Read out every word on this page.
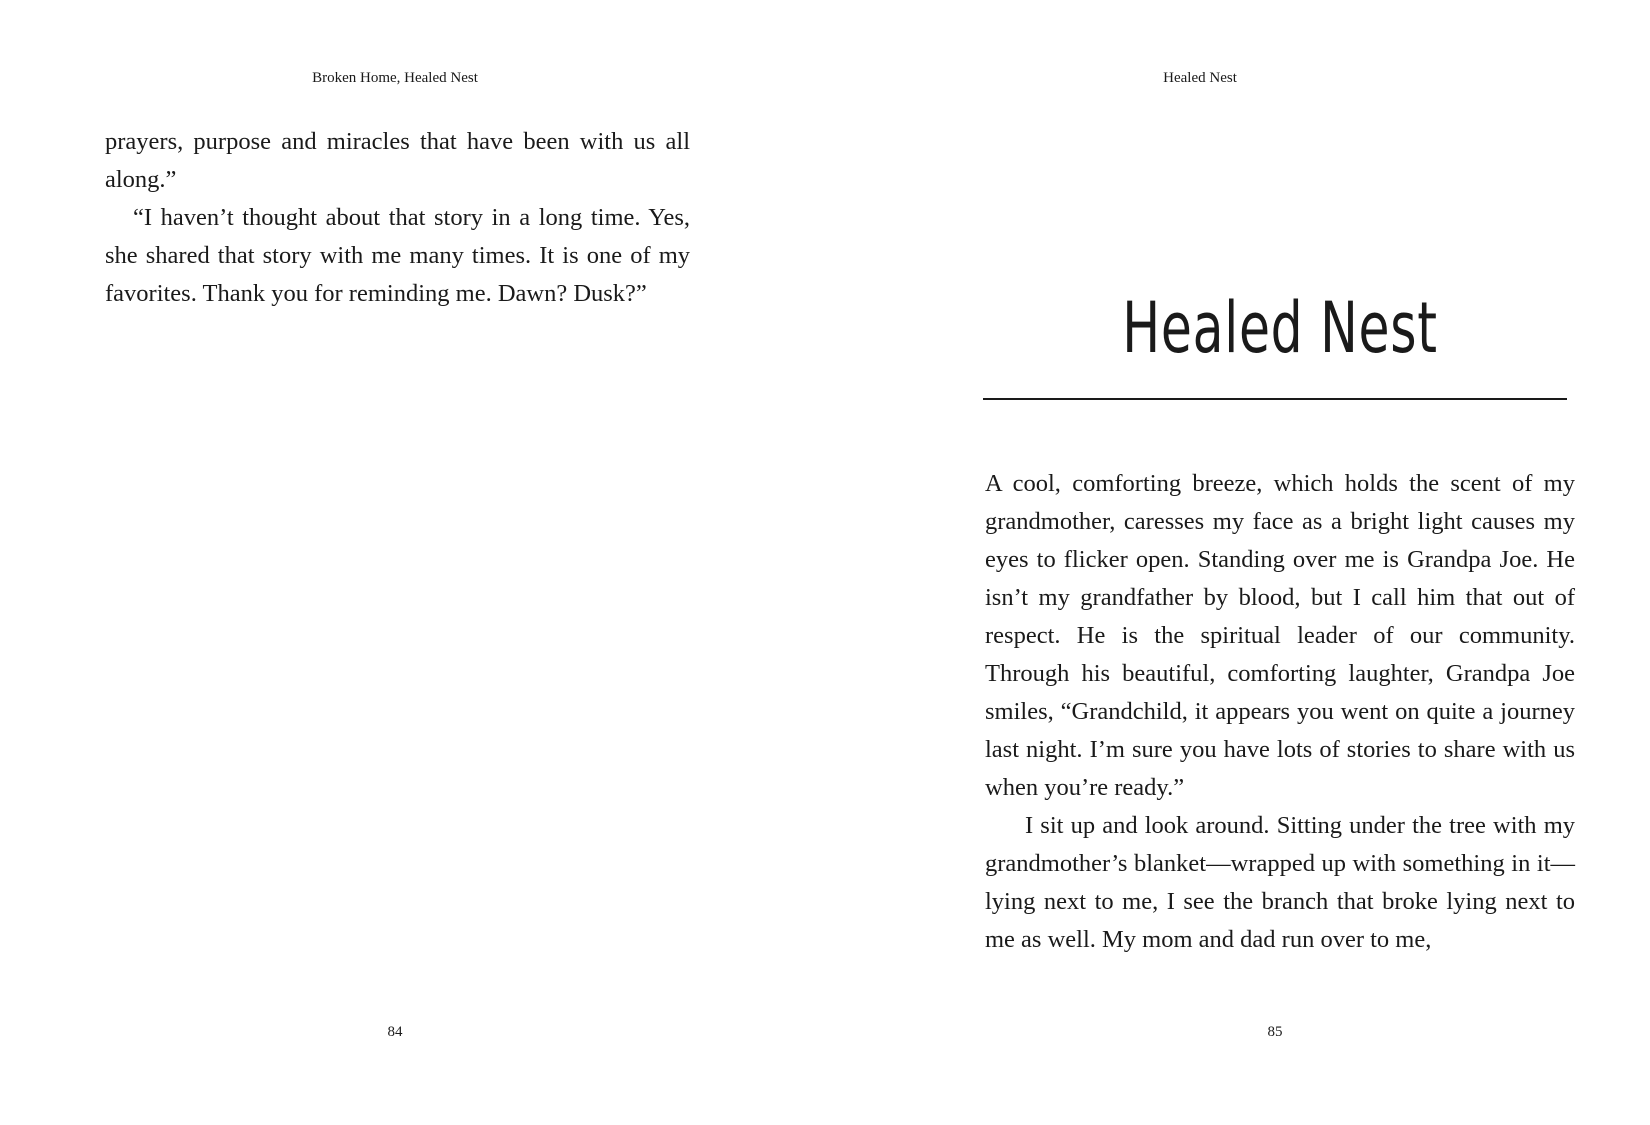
Broken Home, Healed Nest

prayers, purpose and miracles that have been with us all along.”

“I haven’t thought about that story in a long time. Yes, she shared that story with me many times. It is one of my favorites. Thank you for reminding me. Dawn? Dusk?”

84
Healed Nest
Healed Nest

A cool, comforting breeze, which holds the scent of my grandmother, caresses my face as a bright light causes my eyes to flicker open. Standing over me is Grandpa Joe. He isn’t my grandfather by blood, but I call him that out of respect. He is the spiritual leader of our community. Through his beautiful, comforting laughter, Grandpa Joe smiles, “Grandchild, it appears you went on quite a journey last night. I’m sure you have lots of stories to share with us when you’re ready.”

I sit up and look around. Sitting under the tree with my grandmother’s blanket—wrapped up with something in it—lying next to me, I see the branch that broke lying next to me as well. My mom and dad run over to me,

85
